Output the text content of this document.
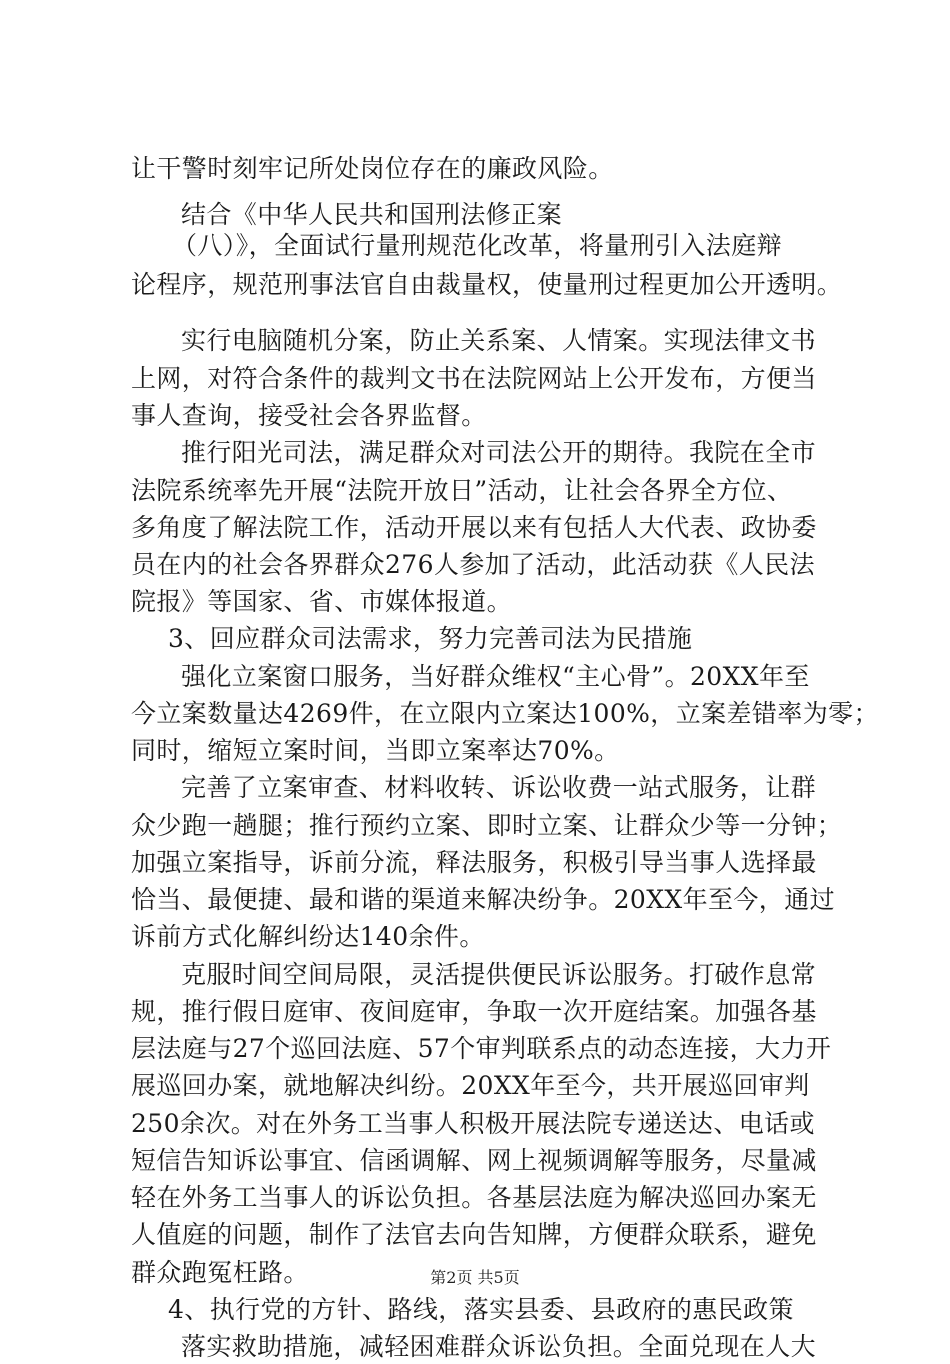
让干警时刻牢记所处岗位存在的廉政风险。
结合《中华人民共和国刑法修正案
（八）》，全面试行量刑规范化改革，将量刑引入法庭辩
论程序，规范刑事法官自由裁量权，使量刑过程更加公开透明。
实行电脑随机分案，防止关系案、人情案。实现法律文书
上网，对符合条件的裁判文书在法院网站上公开发布，方便当
事人查询，接受社会各界监督。
推行阳光司法，满足群众对司法公开的期待。我院在全市
法院系统率先开展“法院开放日”活动，让社会各界全方位、
多角度了解法院工作，活动开展以来有包括人大代表、政协委
员在内的社会各界群众276人参加了活动，此活动获《人民法
院报》等国家、省、市媒体报道。
3、回应群众司法需求，努力完善司法为民措施
强化立案窗口服务，当好群众维权“主心骨”。20XX年至
今立案数量达4269件，在立限内立案达100%，立案差错率为零；
同时，缩短立案时间，当即立案率达70%。
完善了立案审查、材料收转、诉讼收费一站式服务，让群
众少跑一趟腿；推行预约立案、即时立案、让群众少等一分钟；
加强立案指导，诉前分流，释法服务，积极引导当事人选择最
恰当、最便捷、最和谐的渠道来解决纷争。20XX年至今，通过
诉前方式化解纠纷达140余件。
克服时间空间局限，灵活提供便民诉讼服务。打破作息常
规，推行假日庭审、夜间庭审，争取一次开庭结案。加强各基
层法庭与27个巡回法庭、57个审判联系点的动态连接，大力开
展巡回办案，就地解决纠纷。20XX年至今，共开展巡回审判
250余次。对在外务工当事人积极开展法院专递送达、电话或
短信告知诉讼事宜、信函调解、网上视频调解等服务，尽量减
轻在外务工当事人的诉讼负担。各基层法庭为解决巡回办案无
人值庭的问题，制作了法官去向告知牌，方便群众联系，避免
群众跑冤枉路。
4、执行党的方针、路线，落实县委、县政府的惠民政策
落实救助措施，减轻困难群众诉讼负担。全面兑现在人大
第2页 共5页
